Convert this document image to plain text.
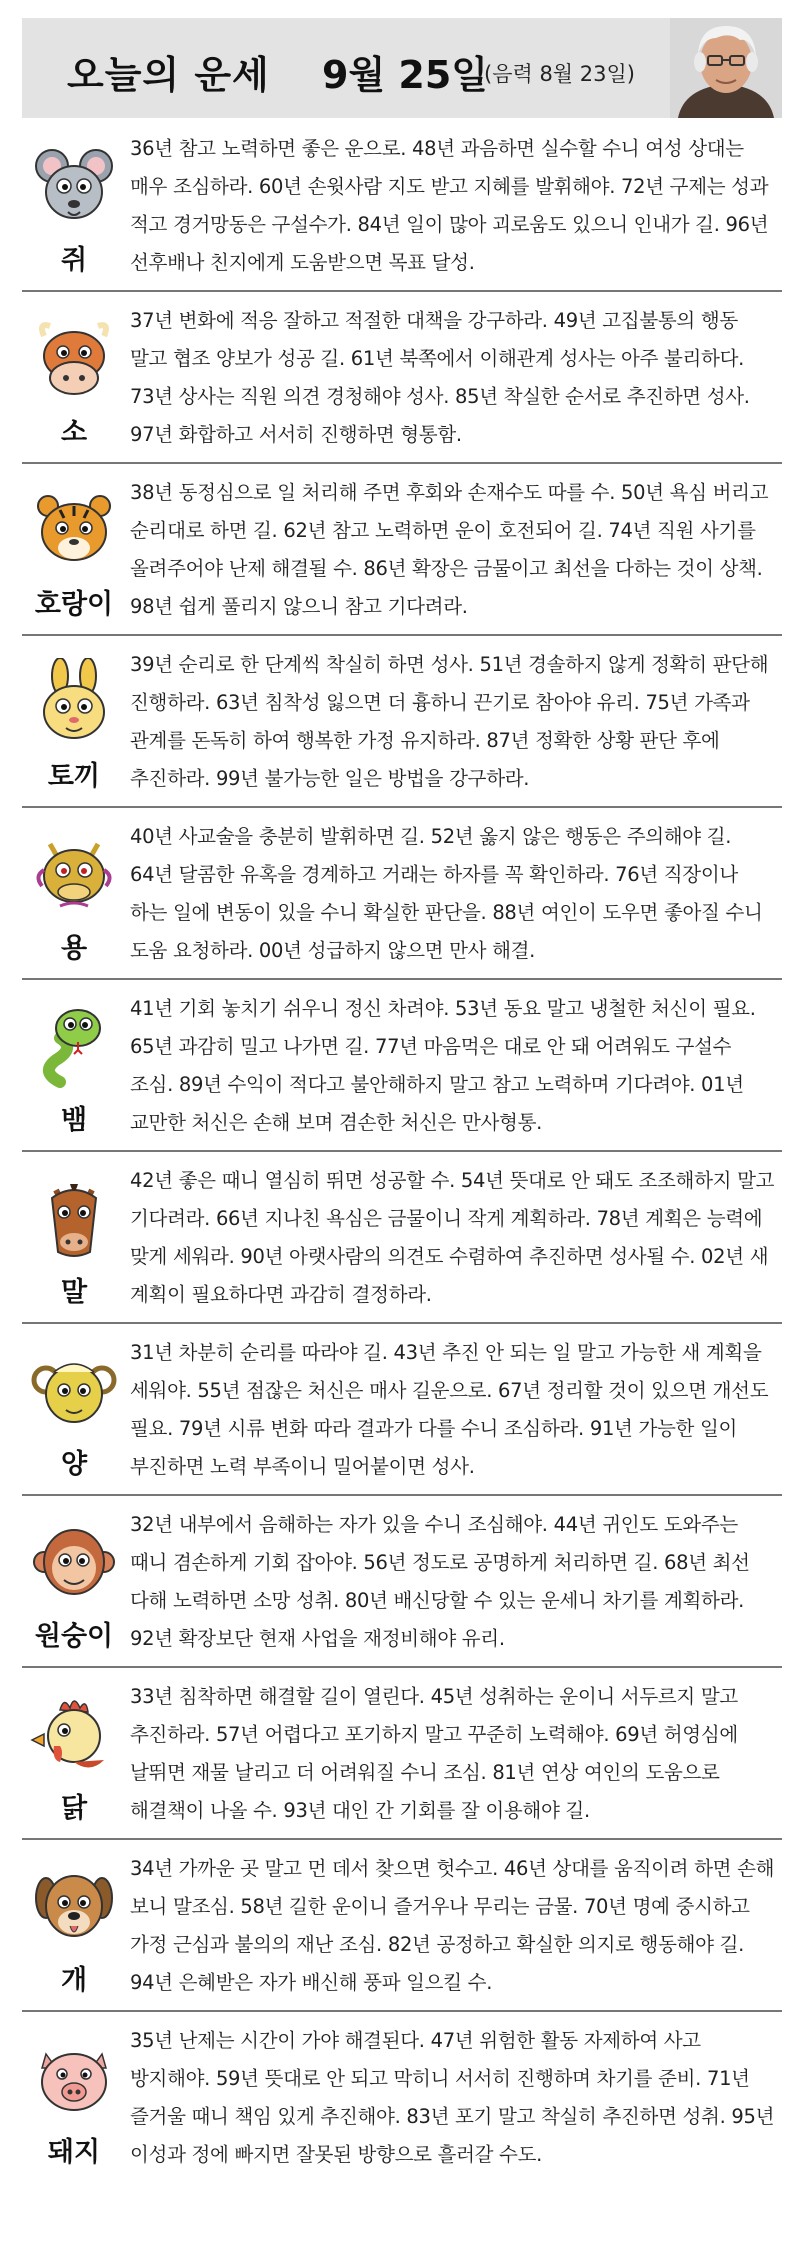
오늘의 운세 9월 25일
(음력 8월 23일)
쥐
36년 참고 노력하면 좋은 운으로. 48년 과음하면 실수할 수니 여성 상대는 매우 조심하라. 60년 손윗사람 지도 받고 지혜를 발휘해야. 72년 구제는 성과 적고 경거망동은 구설수가. 84년 일이 많아 괴로움도 있으니 인내가 길. 96년 선후배나 친지에게 도움받으면 목표 달성.
소
37년 변화에 적응 잘하고 적절한 대책을 강구하라. 49년 고집불통의 행동 말고 협조 양보가 성공 길. 61년 북쪽에서 이해관계 성사는 아주 불리하다. 73년 상사는 직원 의견 경청해야 성사. 85년 착실한 순서로 추진하면 성사. 97년 화합하고 서서히 진행하면 형통함.
호랑이
38년 동정심으로 일 처리해 주면 후회와 손재수도 따를 수. 50년 욕심 버리고 순리대로 하면 길. 62년 참고 노력하면 운이 호전되어 길. 74년 직원 사기를 올려주어야 난제 해결될 수. 86년 확장은 금물이고 최선을 다하는 것이 상책. 98년 쉽게 풀리지 않으니 참고 기다려라.
토끼
39년 순리로 한 단계씩 착실히 하면 성사. 51년 경솔하지 않게 정확히 판단해 진행하라. 63년 침착성 잃으면 더 흉하니 끈기로 참아야 유리. 75년 가족과 관계를 돈독히 하여 행복한 가정 유지하라. 87년 정확한 상황 판단 후에 추진하라. 99년 불가능한 일은 방법을 강구하라.
용
40년 사교술을 충분히 발휘하면 길. 52년 옳지 않은 행동은 주의해야 길. 64년 달콤한 유혹을 경계하고 거래는 하자를 꼭 확인하라. 76년 직장이나 하는 일에 변동이 있을 수니 확실한 판단을. 88년 여인이 도우면 좋아질 수니 도움 요청하라. 00년 성급하지 않으면 만사 해결.
뱀
41년 기회 놓치기 쉬우니 정신 차려야. 53년 동요 말고 냉철한 처신이 필요. 65년 과감히 밀고 나가면 길. 77년 마음먹은 대로 안 돼 어려워도 구설수 조심. 89년 수익이 적다고 불안해하지 말고 참고 노력하며 기다려야. 01년 교만한 처신은 손해 보며 겸손한 처신은 만사형통.
말
42년 좋은 때니 열심히 뛰면 성공할 수. 54년 뜻대로 안 돼도 조조해하지 말고 기다려라. 66년 지나친 욕심은 금물이니 작게 계획하라. 78년 계획은 능력에 맞게 세워라. 90년 아랫사람의 의견도 수렴하여 추진하면 성사될 수. 02년 새 계획이 필요하다면 과감히 결정하라.
양
31년 차분히 순리를 따라야 길. 43년 추진 안 되는 일 말고 가능한 새 계획을 세워야. 55년 점잖은 처신은 매사 길운으로. 67년 정리할 것이 있으면 개선도 필요. 79년 시류 변화 따라 결과가 다를 수니 조심하라. 91년 가능한 일이 부진하면 노력 부족이니 밀어붙이면 성사.
원숭이
32년 내부에서 음해하는 자가 있을 수니 조심해야. 44년 귀인도 도와주는 때니 겸손하게 기회 잡아야. 56년 정도로 공명하게 처리하면 길. 68년 최선 다해 노력하면 소망 성취. 80년 배신당할 수 있는 운세니 차기를 계획하라. 92년 확장보단 현재 사업을 재정비해야 유리.
닭
33년 침착하면 해결할 길이 열린다. 45년 성취하는 운이니 서두르지 말고 추진하라. 57년 어렵다고 포기하지 말고 꾸준히 노력해야. 69년 허영심에 날뛰면 재물 날리고 더 어려워질 수니 조심. 81년 연상 여인의 도움으로 해결책이 나올 수. 93년 대인 간 기회를 잘 이용해야 길.
개
34년 가까운 곳 말고 먼 데서 찾으면 헛수고. 46년 상대를 움직이려 하면 손해 보니 말조심. 58년 길한 운이니 즐거우나 무리는 금물. 70년 명예 중시하고 가정 근심과 불의의 재난 조심. 82년 공정하고 확실한 의지로 행동해야 길. 94년 은혜받은 자가 배신해 풍파 일으킬 수.
돼지
35년 난제는 시간이 가야 해결된다. 47년 위험한 활동 자제하여 사고 방지해야. 59년 뜻대로 안 되고 막히니 서서히 진행하며 차기를 준비. 71년 즐거울 때니 책임 있게 추진해야. 83년 포기 말고 착실히 추진하면 성취. 95년 이성과 정에 빠지면 잘못된 방향으로 흘러갈 수도.
